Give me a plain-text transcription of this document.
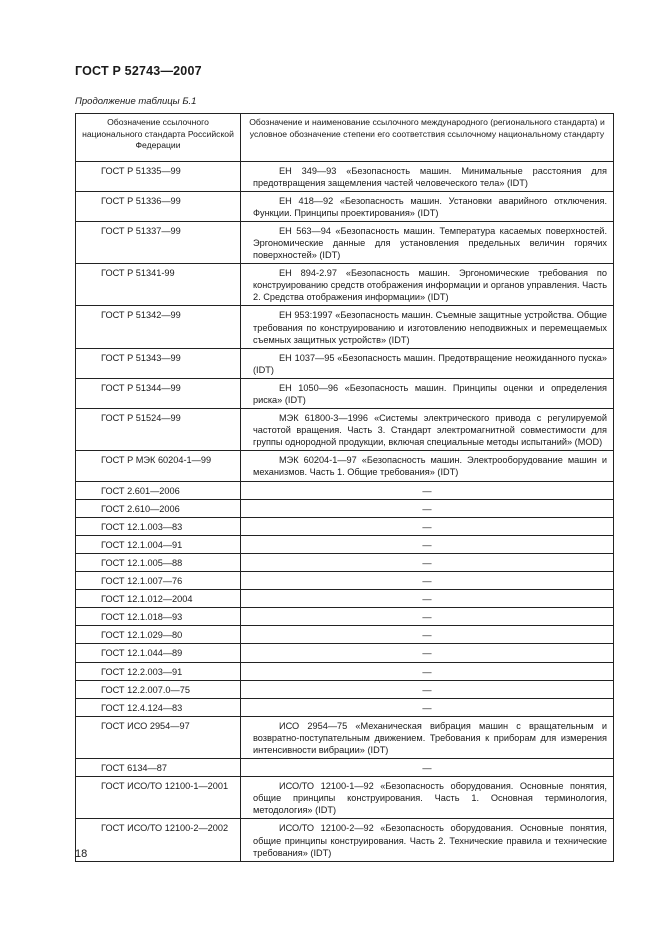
ГОСТ Р 52743—2007
Продолжение таблицы Б.1
Обозначение ссылочного национального стандарта Российской Федерации	Обозначение и наименование ссылочного международного (регионального стандарта) и условное обозначение степени его соответствия ссылочному национальному стандарту
ГОСТ Р 51335—99	ЕН 349—93 «Безопасность машин. Минимальные расстояния для предотвращения защемления частей человеческого тела» (IDT)

ГОСТ Р 51336—99	ЕН 418—92 «Безопасность машин. Установки аварийного отключения. Функции. Принципы проектирования» (IDT)

ГОСТ Р 51337—99	ЕН 563—94 «Безопасность машин. Температура касаемых поверхностей. Эргономические данные для установления предельных величин горячих поверхностей» (IDT)

ГОСТ Р 51341-99	ЕН 894-2.97 «Безопасность машин. Эргономические требования по конструированию средств отображения информации и органов управления. Часть 2. Средства отображения информации» (IDT)

ГОСТ Р 51342—99	ЕН 953:1997 «Безопасность машин. Съемные защитные устройства. Общие требования по конструированию и изготовлению неподвижных и перемещаемых съемных защитных устройств» (IDT)

ГОСТ Р 51343—99	ЕН 1037—95 «Безопасность машин. Предотвращение неожиданного пуска» (IDT)

ГОСТ Р 51344—99	ЕН 1050—96 «Безопасность машин. Принципы оценки и определения риска» (IDT)

ГОСТ Р 51524—99	МЭК 61800-3—1996 «Системы электрического привода с регулируемой частотой вращения. Часть 3. Стандарт электромагнитной совместимости для группы однородной продукции, включая специальные методы испытаний» (MOD)

ГОСТ Р МЭК 60204-1—99	МЭК 60204-1—97 «Безопасность машин. Электрооборудование машин и механизмов. Часть 1. Общие требования» (IDT)

ГОСТ 2.601—2006	—
ГОСТ 2.610—2006	—
ГОСТ 12.1.003—83	—
ГОСТ 12.1.004—91	—
ГОСТ 12.1.005—88	—
ГОСТ 12.1.007—76	—
ГОСТ 12.1.012—2004	—
ГОСТ 12.1.018—93	—
ГОСТ 12.1.029—80	—
ГОСТ 12.1.044—89	—
ГОСТ 12.2.003—91	—
ГОСТ 12.2.007.0—75	—
ГОСТ 12.4.124—83	—
ГОСТ ИСО 2954—97	ИСО 2954—75 «Механическая вибрация машин с вращательным и возвратно-поступательным движением. Требования к приборам для измерения интенсивности вибрации» (IDT)

ГОСТ 6134—87	—
ГОСТ ИСО/ТО 12100-1—2001	ИСО/ТО 12100-1—92 «Безопасность оборудования. Основные понятия, общие принципы конструирования. Часть 1. Основная терминология, методология» (IDT)

ГОСТ ИСО/ТО 12100-2—2002	ИСО/ТО 12100-2—92 «Безопасность оборудования. Основные понятия, общие принципы конструирования. Часть 2. Технические правила и технические требования» (IDT)

18
